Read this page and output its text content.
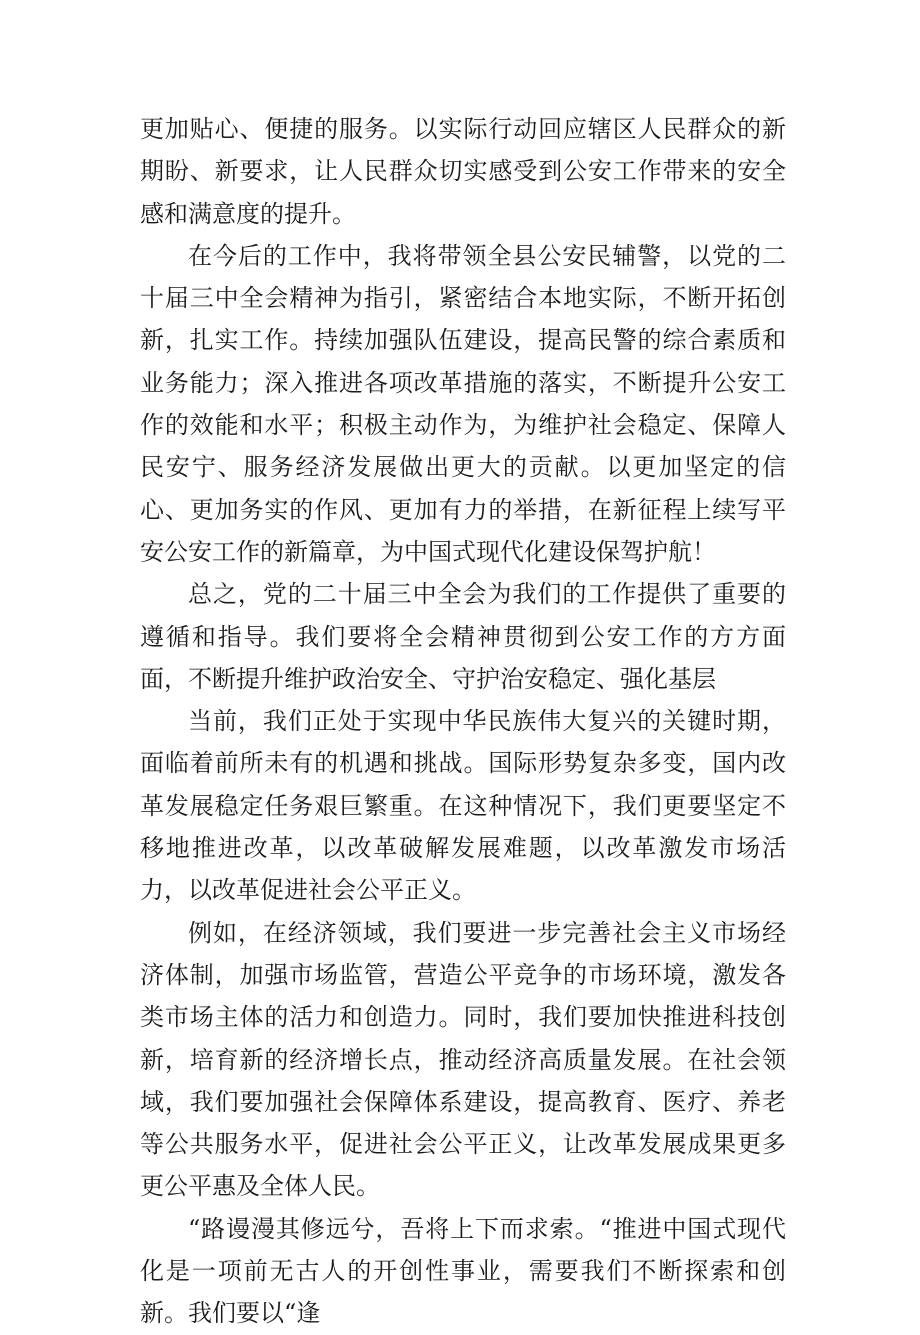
更加贴心、便捷的服务。以实际行动回应辖区人民群众的新期盼、新要求，让人民群众切实感受到公安工作带来的安全感和满意度的提升。

在今后的工作中，我将带领全县公安民辅警，以党的二十届三中全会精神为指引，紧密结合本地实际，不断开拓创新，扎实工作。持续加强队伍建设，提高民警的综合素质和业务能力；深入推进各项改革措施的落实，不断提升公安工作的效能和水平；积极主动作为，为维护社会稳定、保障人民安宁、服务经济发展做出更大的贡献。以更加坚定的信心、更加务实的作风、更加有力的举措，在新征程上续写平安公安工作的新篇章，为中国式现代化建设保驾护航！

总之，党的二十届三中全会为我们的工作提供了重要的遵循和指导。我们要将全会精神贯彻到公安工作的方方面面，不断提升维护政治安全、守护治安稳定、强化基层

当前，我们正处于实现中华民族伟大复兴的关键时期，面临着前所未有的机遇和挑战。国际形势复杂多变，国内改革发展稳定任务艰巨繁重。在这种情况下，我们更要坚定不移地推进改革，以改革破解发展难题，以改革激发市场活力，以改革促进社会公平正义。

例如，在经济领域，我们要进一步完善社会主义市场经济体制，加强市场监管，营造公平竞争的市场环境，激发各类市场主体的活力和创造力。同时，我们要加快推进科技创新，培育新的经济增长点，推动经济高质量发展。在社会领域，我们要加强社会保障体系建设，提高教育、医疗、养老等公共服务水平，促进社会公平正义，让改革发展成果更多更公平惠及全体人民。

“路谩漫其修远兮，吾将上下而求索。“推进中国式现代化是一项前无古人的开创性事业，需要我们不断探索和创新。我们要以“逢
